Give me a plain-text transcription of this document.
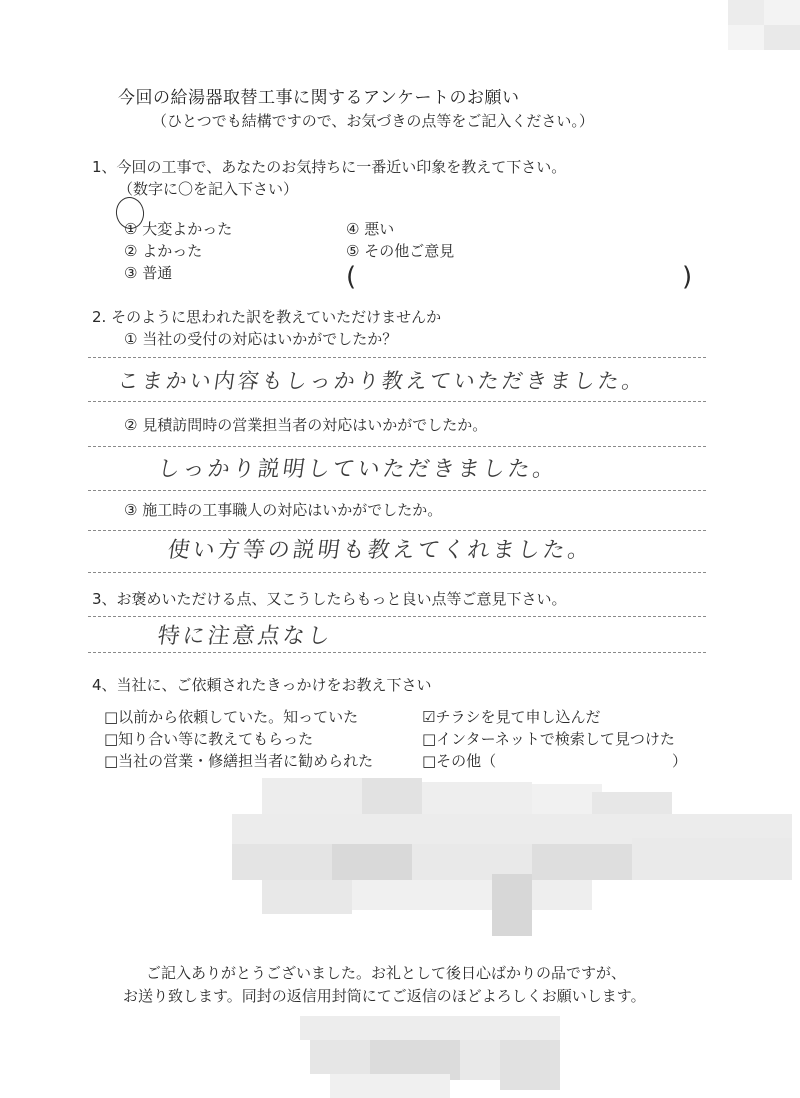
今回の給湯器取替工事に関するアンケートのお願い
（ひとつでも結構ですので、お気づきの点等をご記入ください。）
1、今回の工事で、あなたのお気持ちに一番近い印象を教えて下さい。
（数字に〇を記入下さい）
① 大変よかった
② よかった
③ 普通
④ 悪い
⑤ その他ご意見
(	)
2. そのように思われた訳を教えていただけませんか
① 当社の受付の対応はいかがでしたか？
こまかい内容もしっかり教えていただきました。
② 見積訪問時の営業担当者の対応はいかがでしたか。
しっかり説明していただきました。
③ 施工時の工事職人の対応はいかがでしたか。
使い方等の説明も教えてくれました。
3、お褒めいただける点、又こうしたらもっと良い点等ご意見下さい。
特に注意点なし
4、当社に、ご依頼されたきっかけをお教え下さい
□以前から依頼していた。知っていた
□知り合い等に教えてもらった
□当社の営業・修繕担当者に勧められた
☑チラシを見て申し込んだ
□インターネットで検索して見つけた
□その他（	）
ご記入ありがとうございました。お礼として後日心ばかりの品ですが、
お送り致します。同封の返信用封筒にてご返信のほどよろしくお願いします。
